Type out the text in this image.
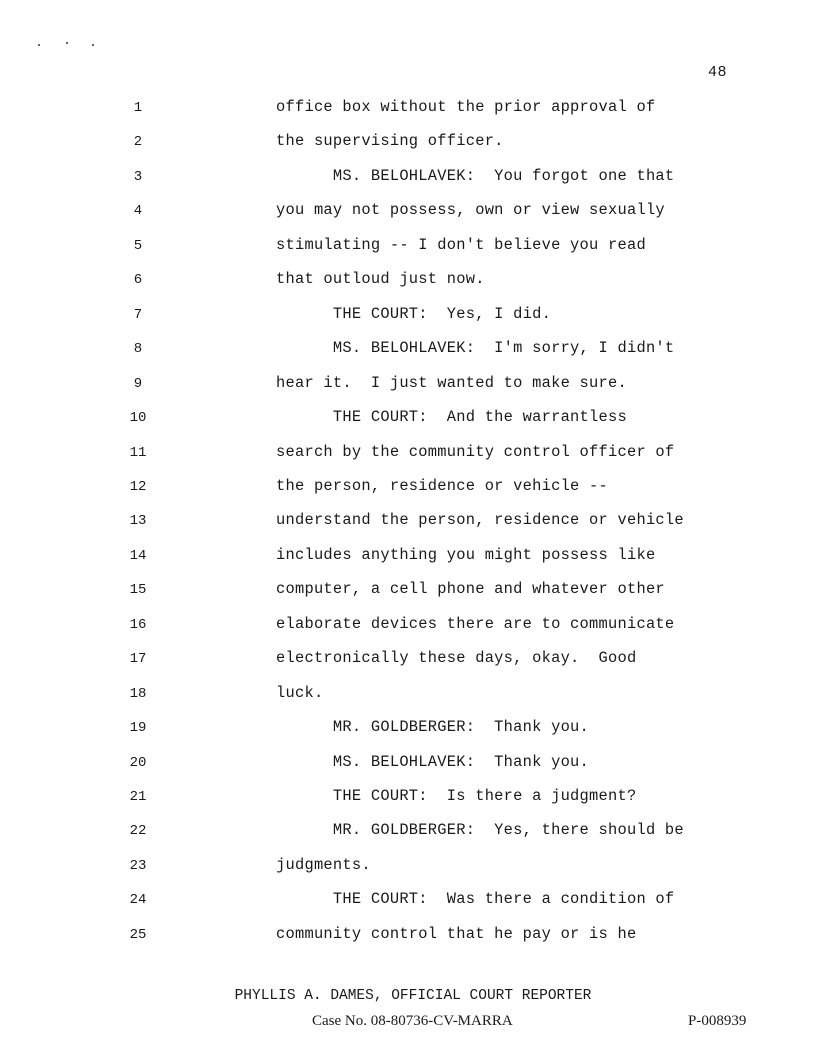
48
1	office box without the prior approval of
2	the supervising officer.
3	MS. BELOHLAVEK:  You forgot one that
4	you may not possess, own or view sexually
5	stimulating -- I don't believe you read
6	that outloud just now.
7	THE COURT:  Yes, I did.
8	MS. BELOHLAVEK:  I'm sorry, I didn't
9	hear it.  I just wanted to make sure.
10	THE COURT:  And the warrantless
11	search by the community control officer of
12	the person, residence or vehicle --
13	understand the person, residence or vehicle
14	includes anything you might possess like
15	computer, a cell phone and whatever other
16	elaborate devices there are to communicate
17	electronically these days, okay.  Good
18	luck.
19	MR. GOLDBERGER:  Thank you.
20	MS. BELOHLAVEK:  Thank you.
21	THE COURT:  Is there a judgment?
22	MR. GOLDBERGER:  Yes, there should be
23	judgments.
24	THE COURT:  Was there a condition of
25	community control that he pay or is he
PHYLLIS A. DAMES, OFFICIAL COURT REPORTER
Case No. 08-80736-CV-MARRA	P-008939
